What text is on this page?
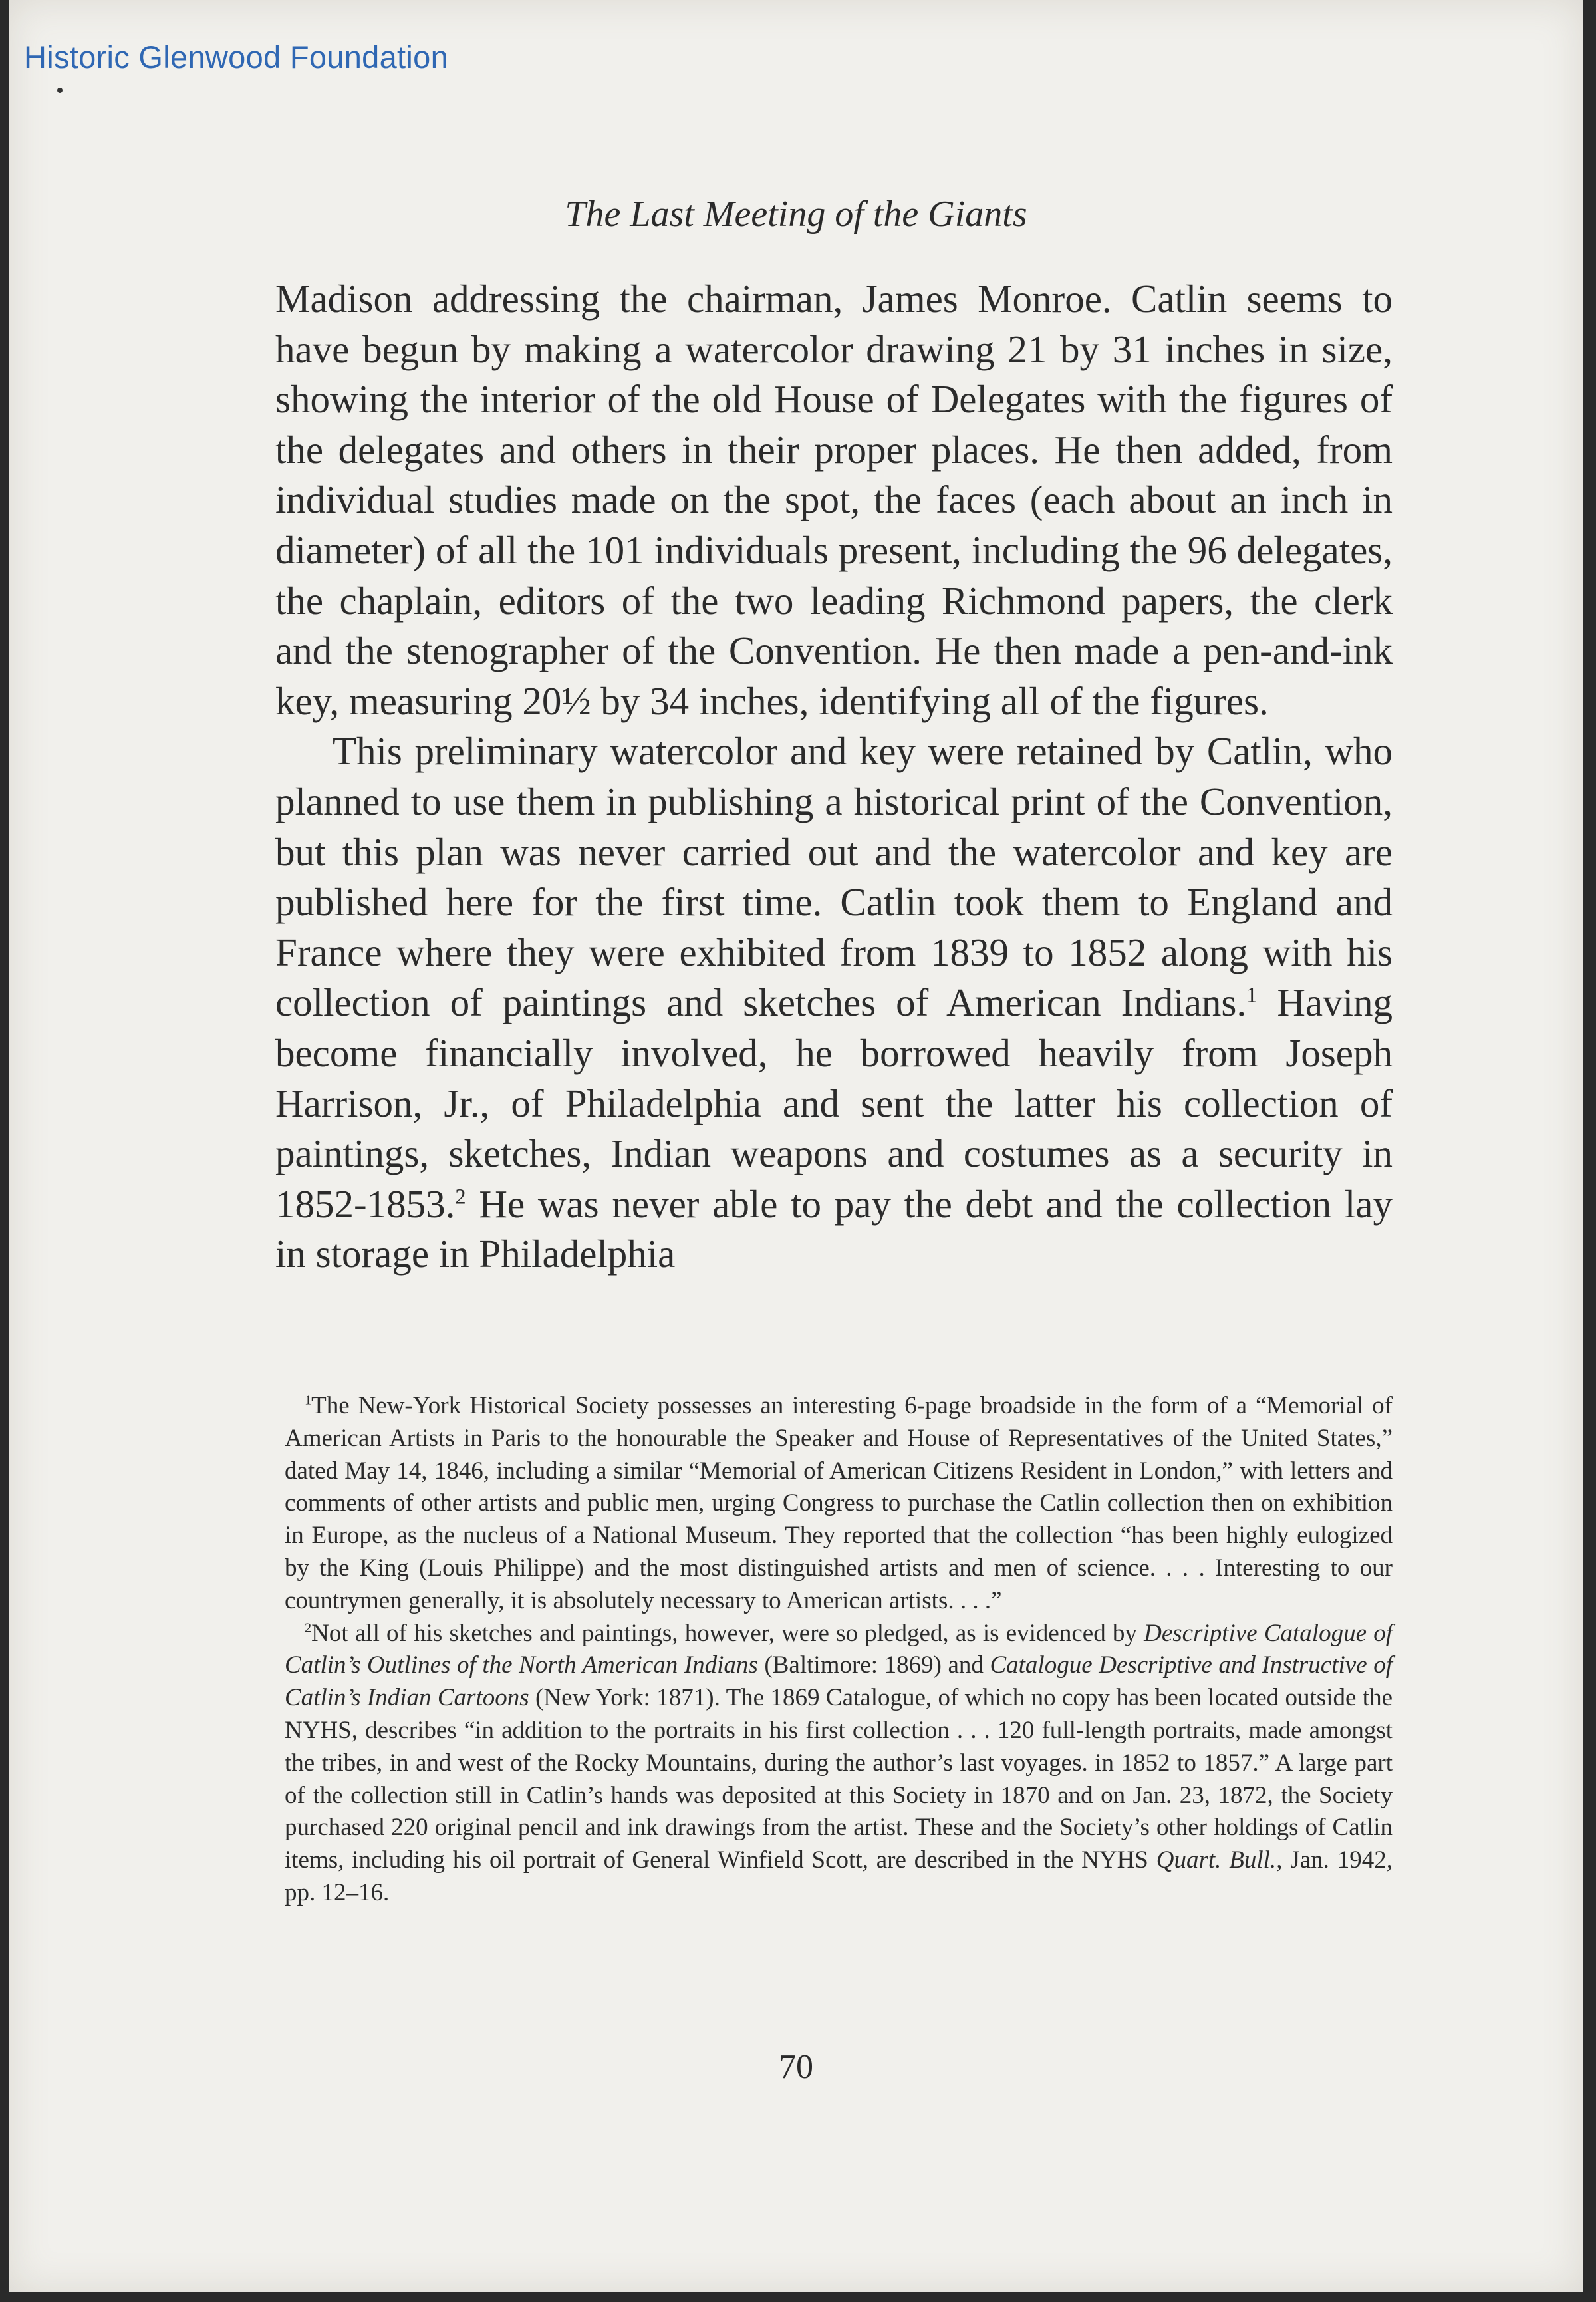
Historic Glenwood Foundation
The Last Meeting of the Giants

Madison addressing the chairman, James Monroe. Catlin seems to have begun by making a watercolor drawing 21 by 31 inches in size, showing the interior of the old House of Delegates with the figures of the delegates and others in their proper places. He then added, from individual studies made on the spot, the faces (each about an inch in diameter) of all the 101 individuals present, including the 96 delegates, the chaplain, editors of the two leading Richmond papers, the clerk and the stenographer of the Convention. He then made a pen-and-ink key, measuring 20½ by 34 inches, identifying all of the figures.

This preliminary watercolor and key were retained by Catlin, who planned to use them in publishing a historical print of the Convention, but this plan was never carried out and the watercolor and key are published here for the first time. Catlin took them to England and France where they were exhibited from 1839 to 1852 along with his collection of paintings and sketches of American Indians.$^1$ Having become financially involved, he borrowed heavily from Joseph Harrison, Jr., of Philadelphia and sent the latter his collection of paintings, sketches, Indian weapons and costumes as a security in 1852-1853.$^2$ He was never able to pay the debt and the collection lay in storage in Philadelphia

$^1$The New-York Historical Society possesses an interesting 6-page broadside in the form of a “Memorial of American Artists in Paris to the honourable the Speaker and House of Representatives of the United States,” dated May 14, 1846, including a similar “Memorial of American Citizens Resident in London,” with letters and comments of other artists and public men, urging Congress to purchase the Catlin collection then on exhibition in Europe, as the nucleus of a National Museum. They reported that the collection “has been highly eulogized by the King (Louis Philippe) and the most distinguished artists and men of science. . . . Interesting to our countrymen generally, it is absolutely necessary to American artists. . . .”

$^2$Not all of his sketches and paintings, however, were so pledged, as is evidenced by Descriptive Catalogue of Catlin’s Outlines of the North American Indians (Baltimore: 1869) and Catalogue Descriptive and Instructive of Catlin’s Indian Cartoons (New York: 1871). The 1869 Catalogue, of which no copy has been located outside the NYHS, describes “in addition to the portraits in his first collection . . . 120 full-length portraits, made amongst the tribes, in and west of the Rocky Mountains, during the author’s last voyages. in 1852 to 1857.” A large part of the collection still in Catlin’s hands was deposited at this Society in 1870 and on Jan. 23, 1872, the Society purchased 220 original pencil and ink drawings from the artist. These and the Society’s other holdings of Catlin items, including his oil portrait of General Winfield Scott, are described in the NYHS Quart. Bull., Jan. 1942, pp. 12–16.

70
